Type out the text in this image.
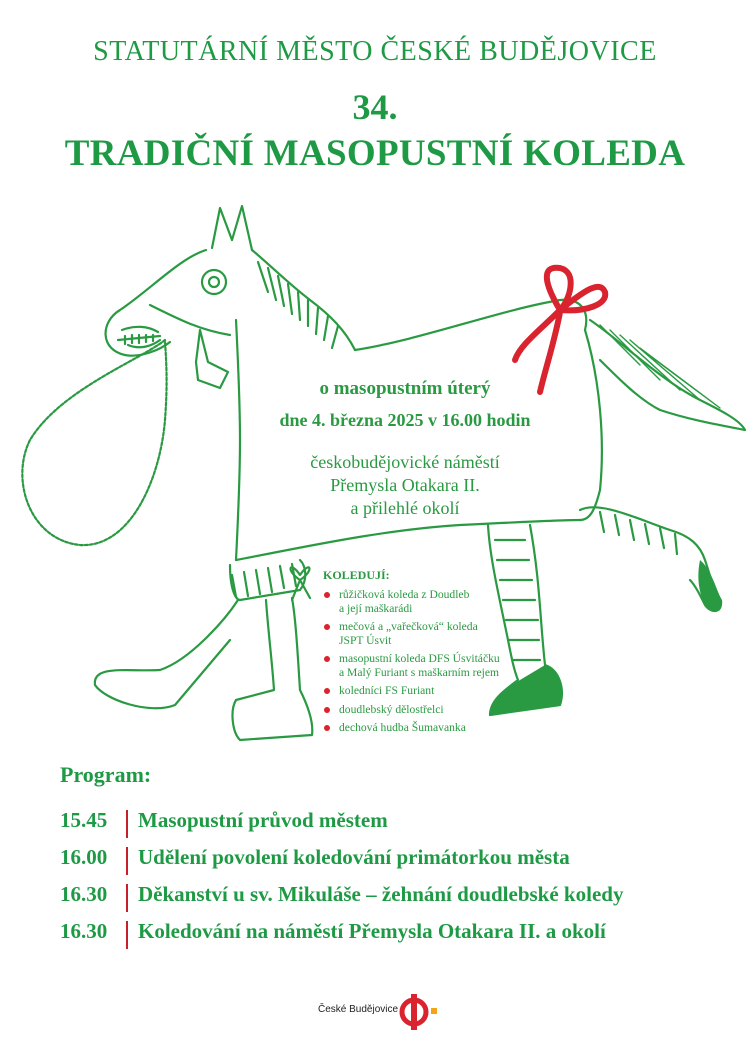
STATUTÁRNÍ MĚSTO ČESKÉ BUDĚJOVICE
34.
TRADIČNÍ MASOPUSTNÍ KOLEDA
o masopustním úterý
dne 4. března 2025 v 16.00 hodin
českobudějovické náměstí
Přemysla Otakara II.
a přilehlé okolí
KOLEDUJÍ:
růžičková koleda z Doudleb
a její maškarádi
mečová a „vařečková“ koleda
JSPT Úsvit
masopustní koleda DFS Úsvitáčku
a Malý Furiant s maškarním rejem
koledníci FS Furiant
doudlebský dělostřelci
dechová hudba Šumavanka
Program:
15.45	Masopustní průvod městem
16.00	Udělení povolení koledování primátorkou města
16.30	Děkanství u sv. Mikuláše – žehnání doudlebské koledy
16.30	Koledování na náměstí Přemysla Otakara II. a okolí
České Budějovice
